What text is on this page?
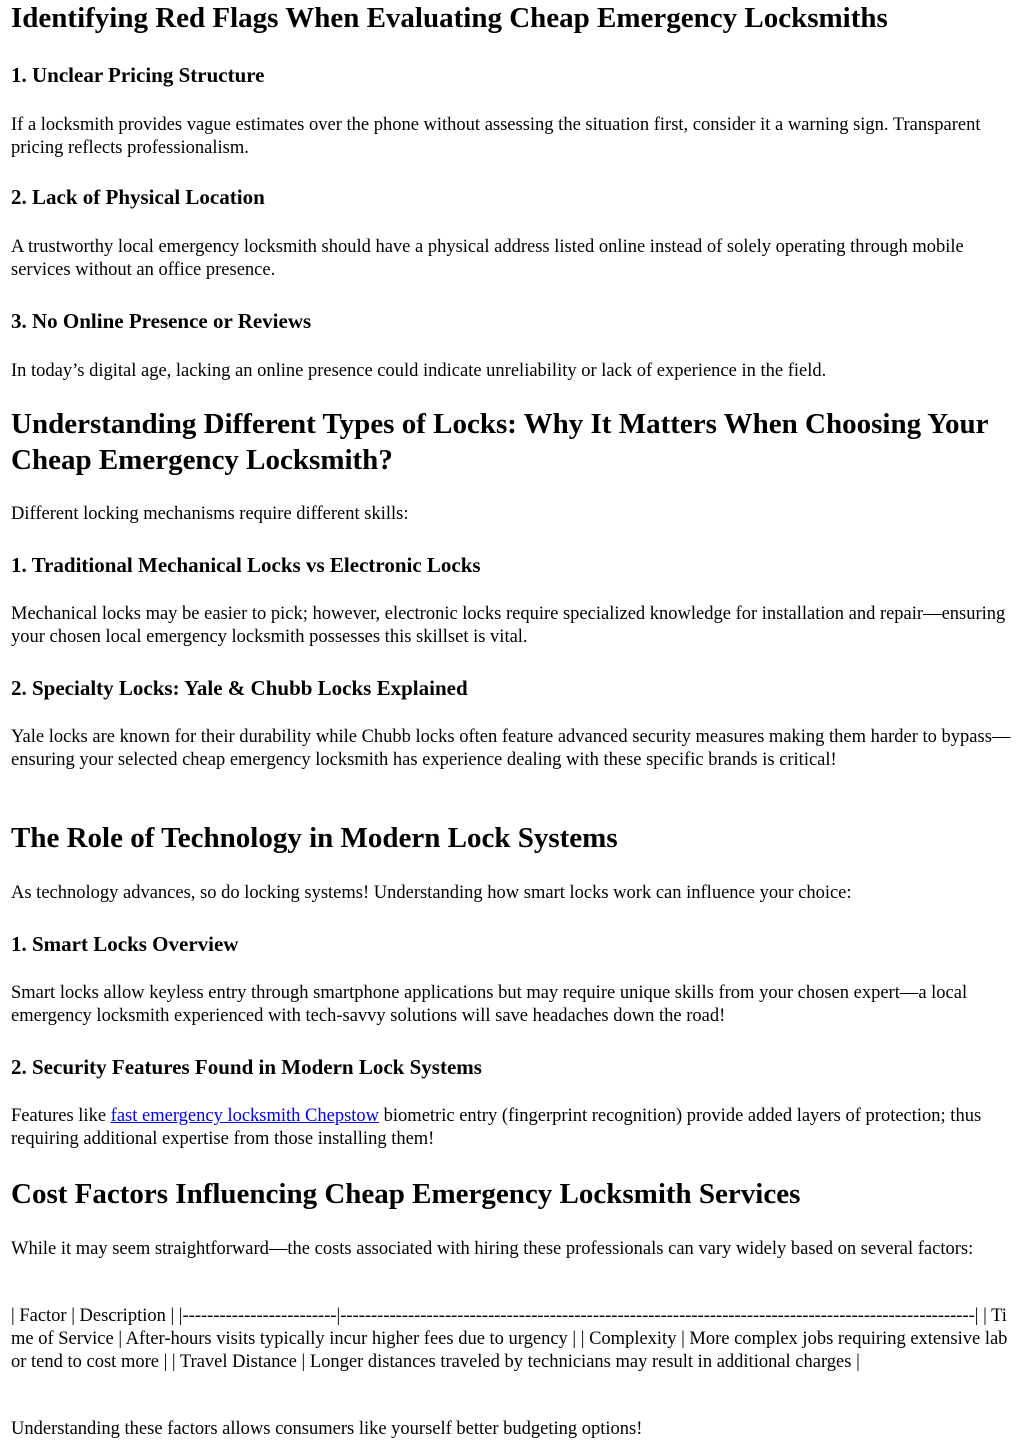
Identifying Red Flags When Evaluating Cheap Emergency Locksmiths
1. Unclear Pricing Structure

If a locksmith provides vague estimates over the phone without assessing the situation first, consider it a warning sign. Transparent pricing reflects professionalism.

2. Lack of Physical Location

A trustworthy local emergency locksmith should have a physical address listed online instead of solely operating through mobile services without an office presence.

3. No Online Presence or Reviews

In today’s digital age, lacking an online presence could indicate unreliability or lack of experience in the field.

Understanding Different Types of Locks: Why It Matters When Choosing Your Cheap Emergency Locksmith?

Different locking mechanisms require different skills:

1. Traditional Mechanical Locks vs Electronic Locks

Mechanical locks may be easier to pick; however, electronic locks require specialized knowledge for installation and repair—ensuring your chosen local emergency locksmith possesses this skillset is vital.

2. Specialty Locks: Yale & Chubb Locks Explained

Yale locks are known for their durability while Chubb locks often feature advanced security measures making them harder to bypass—ensuring your selected cheap emergency locksmith has experience dealing with these specific brands is critical!

The Role of Technology in Modern Lock Systems

As technology advances, so do locking systems! Understanding how smart locks work can influence your choice:

1. Smart Locks Overview

Smart locks allow keyless entry through smartphone applications but may require unique skills from your chosen expert—a local emergency locksmith experienced with tech-savvy solutions will save headaches down the road!

2. Security Features Found in Modern Lock Systems

Features like fast emergency locksmith Chepstow biometric entry (fingerprint recognition) provide added layers of protection; thus requiring additional expertise from those installing them!

Cost Factors Influencing Cheap Emergency Locksmith Services

While it may seem straightforward—the costs associated with hiring these professionals can vary widely based on several factors:

| Factor | Description | |-------------------------|-------------------------------------------------------------------------------------------------------| | Time of Service | After-hours visits typically incur higher fees due to urgency | | Complexity | More complex jobs requiring extensive labor tend to cost more | | Travel Distance | Longer distances traveled by technicians may result in additional charges |

Understanding these factors allows consumers like yourself better budgeting options!
